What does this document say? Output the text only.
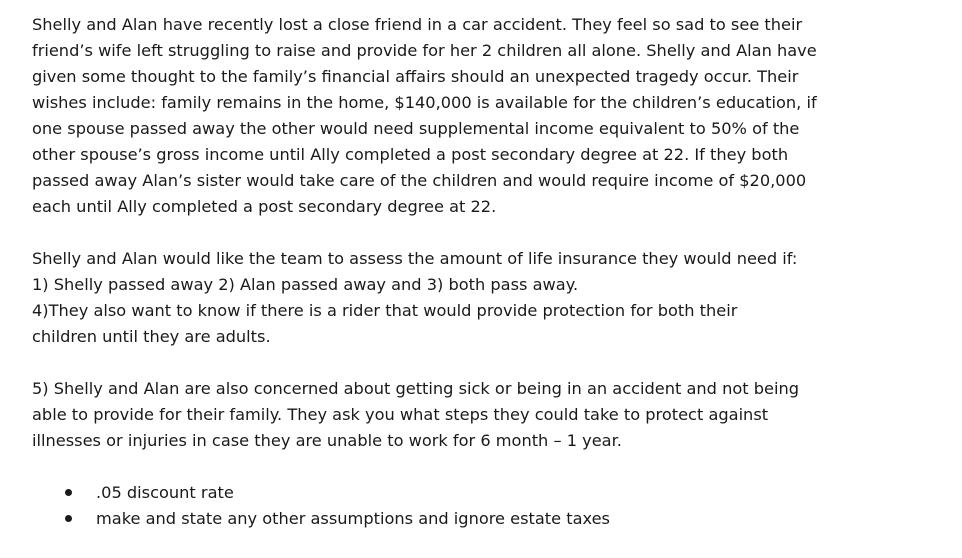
Shelly and Alan have recently lost a close friend in a car accident. They feel so sad to see their
friend’s wife left struggling to raise and provide for her 2 children all alone. Shelly and Alan have
given some thought to the family’s financial affairs should an unexpected tragedy occur. Their
wishes include: family remains in the home, $140,000 is available for the children’s education, if
one spouse passed away the other would need supplemental income equivalent to 50% of the
other spouse’s gross income until Ally completed a post secondary degree at 22. If they both
passed away Alan’s sister would take care of the children and would require income of $20,000
each until Ally completed a post secondary degree at 22.
Shelly and Alan would like the team to assess the amount of life insurance they would need if:
1) Shelly passed away 2) Alan passed away and 3) both pass away.
4)They also want to know if there is a rider that would provide protection for both their
children until they are adults.
5) Shelly and Alan are also concerned about getting sick or being in an accident and not being
able to provide for their family. They ask you what steps they could take to protect against
illnesses or injuries in case they are unable to work for 6 month – 1 year.
.05 discount rate
make and state any other assumptions and ignore estate taxes
